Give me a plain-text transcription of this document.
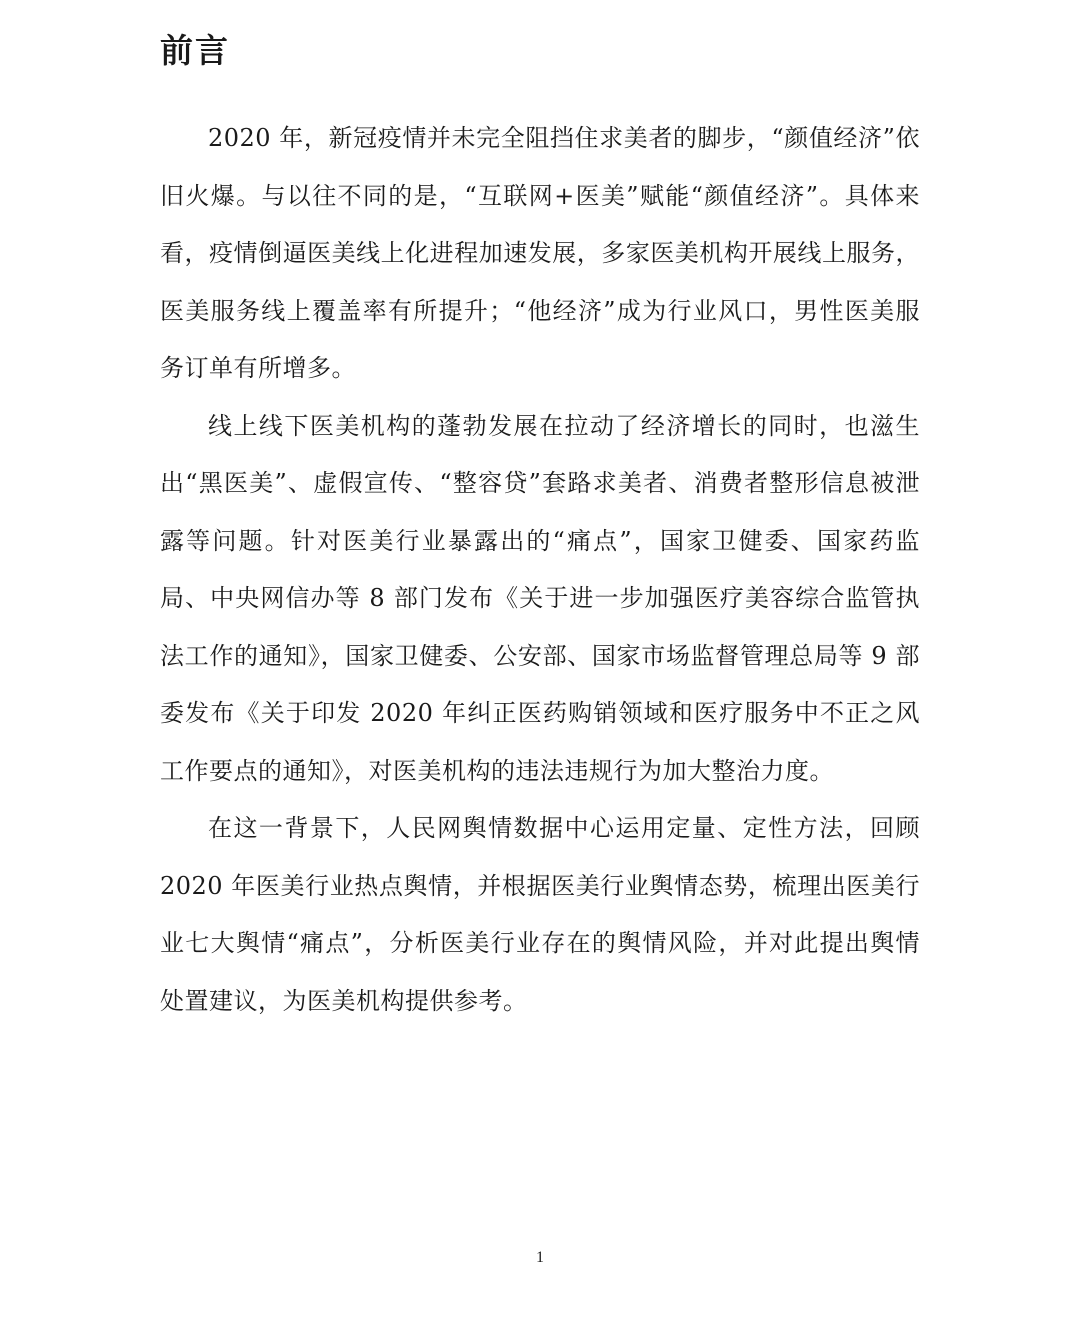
前言

2020 年，新冠疫情并未完全阻挡住求美者的脚步，“颜值经济”依旧火爆。与以往不同的是，“互联网+医美”赋能“颜值经济”。具体来看，疫情倒逼医美线上化进程加速发展，多家医美机构开展线上服务，医美服务线上覆盖率有所提升；“他经济”成为行业风口，男性医美服务订单有所增多。

线上线下医美机构的蓬勃发展在拉动了经济增长的同时，也滋生出“黑医美”、虚假宣传、“整容贷”套路求美者、消费者整形信息被泄露等问题。针对医美行业暴露出的“痛点”，国家卫健委、国家药监局、中央网信办等 8 部门发布《关于进一步加强医疗美容综合监管执法工作的通知》，国家卫健委、公安部、国家市场监督管理总局等 9 部委发布《关于印发 2020 年纠正医药购销领域和医疗服务中不正之风工作要点的通知》，对医美机构的违法违规行为加大整治力度。

在这一背景下，人民网舆情数据中心运用定量、定性方法，回顾 2020 年医美行业热点舆情，并根据医美行业舆情态势，梳理出医美行业七大舆情“痛点”，分析医美行业存在的舆情风险，并对此提出舆情处置建议，为医美机构提供参考。

1
